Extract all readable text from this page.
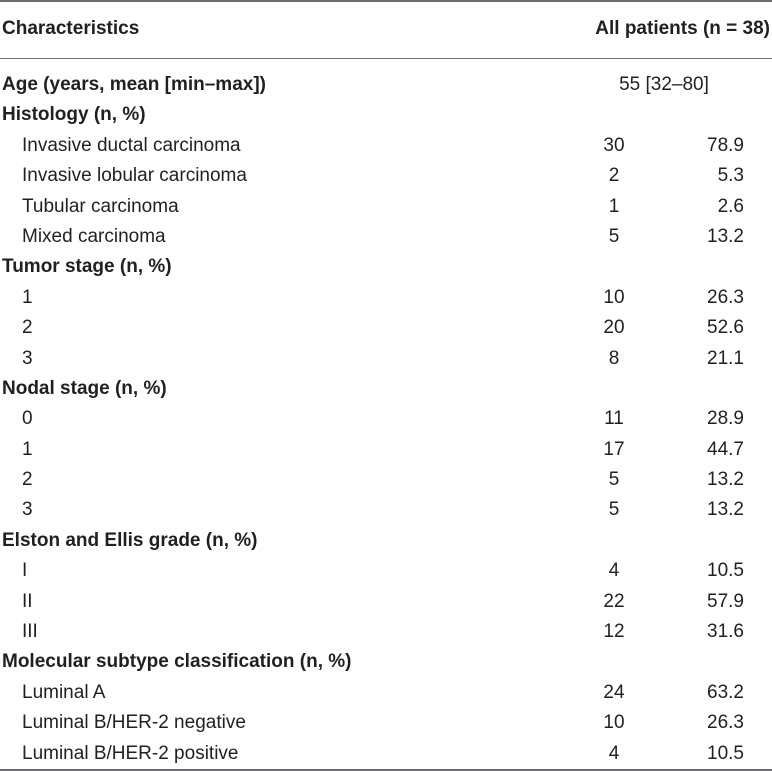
Characteristics	All patients (n = 38)
Age (years, mean [min–max])	55 [32–80]
Histology (n, %)
Invasive ductal carcinoma	30	78.9
Invasive lobular carcinoma	2	5.3
Tubular carcinoma	1	2.6
Mixed carcinoma	5	13.2
Tumor stage (n, %)
1	10	26.3
2	20	52.6
3	8	21.1
Nodal stage (n, %)
0	11	28.9
1	17	44.7
2	5	13.2
3	5	13.2
Elston and Ellis grade (n, %)
I	4	10.5
II	22	57.9
III	12	31.6
Molecular subtype classification (n, %)
Luminal A	24	63.2
Luminal B/HER-2 negative	10	26.3
Luminal B/HER-2 positive	4	10.5
